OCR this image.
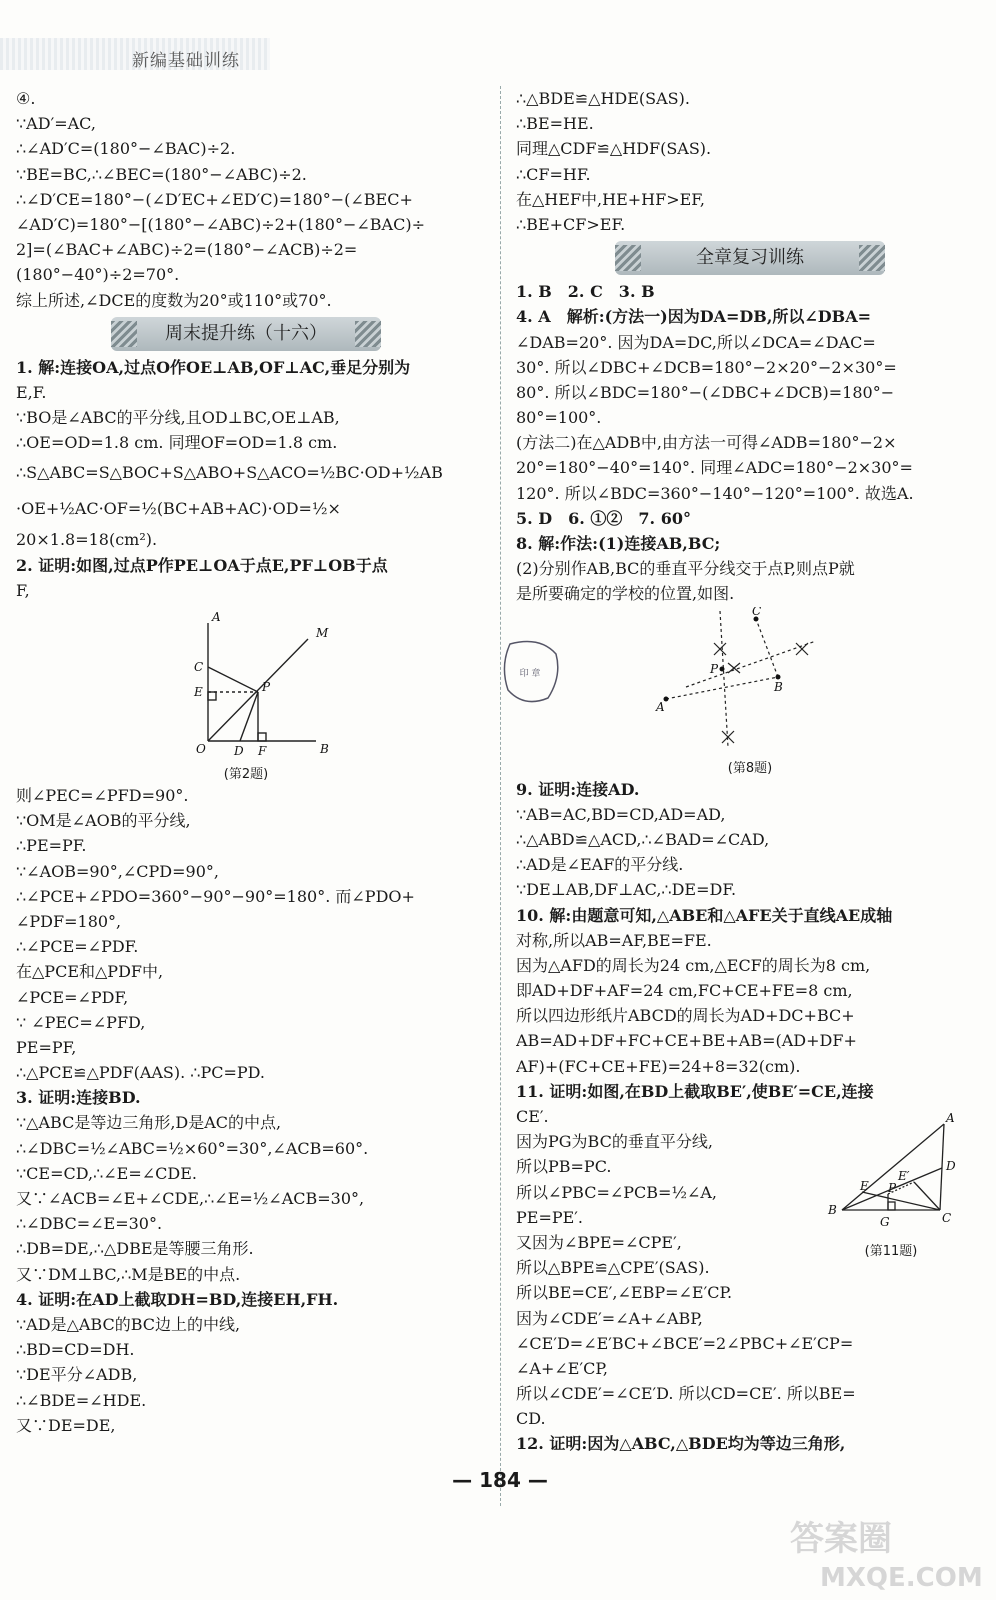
新编基础训练
④.
∵AD′=AC,
∴∠AD′C=(180°−∠BAC)÷2.
∵BE=BC,∴∠BEC=(180°−∠ABC)÷2.
∴∠D′CE=180°−(∠D′EC+∠ED′C)=180°−(∠BEC+
∠AD′C)=180°−[(180°−∠ABC)÷2+(180°−∠BAC)÷
2]=(∠BAC+∠ABC)÷2=(180°−∠ACB)÷2=
(180°−40°)÷2=70°.
综上所述,∠DCE的度数为20°或110°或70°.
周末提升练（十六）
1. 解:连接OA,过点O作OE⊥AB,OF⊥AC,垂足分别为
E,F.
∵BO是∠ABC的平分线,且OD⊥BC,OE⊥AB,
∴OE=OD=1.8 cm. 同理OF=OD=1.8 cm.
∴S△ABC=S△BOC+S△ABO+S△ACO=½BC·OD+½AB
·OE+½AC·OF=½(BC+AB+AC)·OD=½×
20×1.8=18(cm²).
2. 证明:如图,过点P作PE⊥OA于点E,PF⊥OB于点
F,
A
M
C
E	P
O D F	B
(第2题)
则∠PEC=∠PFD=90°.
∵OM是∠AOB的平分线,
∴PE=PF.
∵∠AOB=90°,∠CPD=90°,
∴∠PCE+∠PDO=360°−90°−90°=180°. 而∠PDO+
∠PDF=180°,
∴∠PCE=∠PDF.
在△PCE和△PDF中,
∠PCE=∠PDF,
∵ ∠PEC=∠PFD,
PE=PF,
∴△PCE≌△PDF(AAS). ∴PC=PD.
3. 证明:连接BD.
∵△ABC是等边三角形,D是AC的中点,
∴∠DBC=½∠ABC=½×60°=30°,∠ACB=60°.
∵CE=CD,∴∠E=∠CDE.
又∵∠ACB=∠E+∠CDE,∴∠E=½∠ACB=30°,
∴∠DBC=∠E=30°.
∴DB=DE,∴△DBE是等腰三角形.
又∵DM⊥BC,∴M是BE的中点.
4. 证明:在AD上截取DH=BD,连接EH,FH.
∵AD是△ABC的BC边上的中线,
∴BD=CD=DH.
∵DE平分∠ADB,
∴∠BDE=∠HDE.
又∵DE=DE,
∴△BDE≌△HDE(SAS).
∴BE=HE.
同理△CDF≌△HDF(SAS).
∴CF=HF.
在△HEF中,HE+HF>EF,
∴BE+CF>EF.
全章复习训练
1. B　2. C　3. B
4. A　解析:(方法一)因为DA=DB,所以∠DBA=
∠DAB=20°. 因为DA=DC,所以∠DCA=∠DAC=
30°. 所以∠DBC+∠DCB=180°−2×20°−2×30°=
80°. 所以∠BDC=180°−(∠DBC+∠DCB)=180°−
80°=100°.
(方法二)在△ADB中,由方法一可得∠ADB=180°−2×
20°=180°−40°=140°. 同理∠ADC=180°−2×30°=
120°. 所以∠BDC=360°−140°−120°=100°. 故选A.
5. D　6. ①②　7. 60°
8. 解:作法:(1)连接AB,BC;
(2)分别作AB,BC的垂直平分线交于点P,则点P就
是所要确定的学校的位置,如图.
C
P
B
A
(第8题)
9. 证明:连接AD.
∵AB=AC,BD=CD,AD=AD,
∴△ABD≌△ACD,∴∠BAD=∠CAD,
∴AD是∠EAF的平分线.
∵DE⊥AB,DF⊥AC,∴DE=DF.
10. 解:由题意可知,△ABE和△AFE关于直线AE成轴
对称,所以AB=AF,BE=FE.
因为△AFD的周长为24 cm,△ECF的周长为8 cm,
即AD+DF+AF=24 cm,FC+CE+FE=8 cm,
所以四边形纸片ABCD的周长为AD+DC+BC+
AB=AD+DF+FC+CE+BE+AB=(AD+DF+
AF)+(FC+CE+FE)=24+8=32(cm).
11. 证明:如图,在BD上截取BE′,使BE′=CE,连接
CE′.
因为PG为BC的垂直平分线,
所以PB=PC.
所以∠PBC=∠PCB=½∠A,
PE=PE′.
又因为∠BPE=∠CPE′,
所以△BPE≌△CPE′(SAS).
所以BE=CE′,∠EBP=∠E′CP.
因为∠CDE′=∠A+∠ABP,
∠CE′D=∠E′BC+∠BCE′=2∠PBC+∠E′CP=
∠A+∠E′CP,
所以∠CDE′=∠CE′D. 所以CD=CE′. 所以BE=
CD.
12. 证明:因为△ABC,△BDE均为等边三角形,
A
D
E
E′
P
B
G	C
(第11题)
印 章
— 184 —
答案圈
MXQE.COM
